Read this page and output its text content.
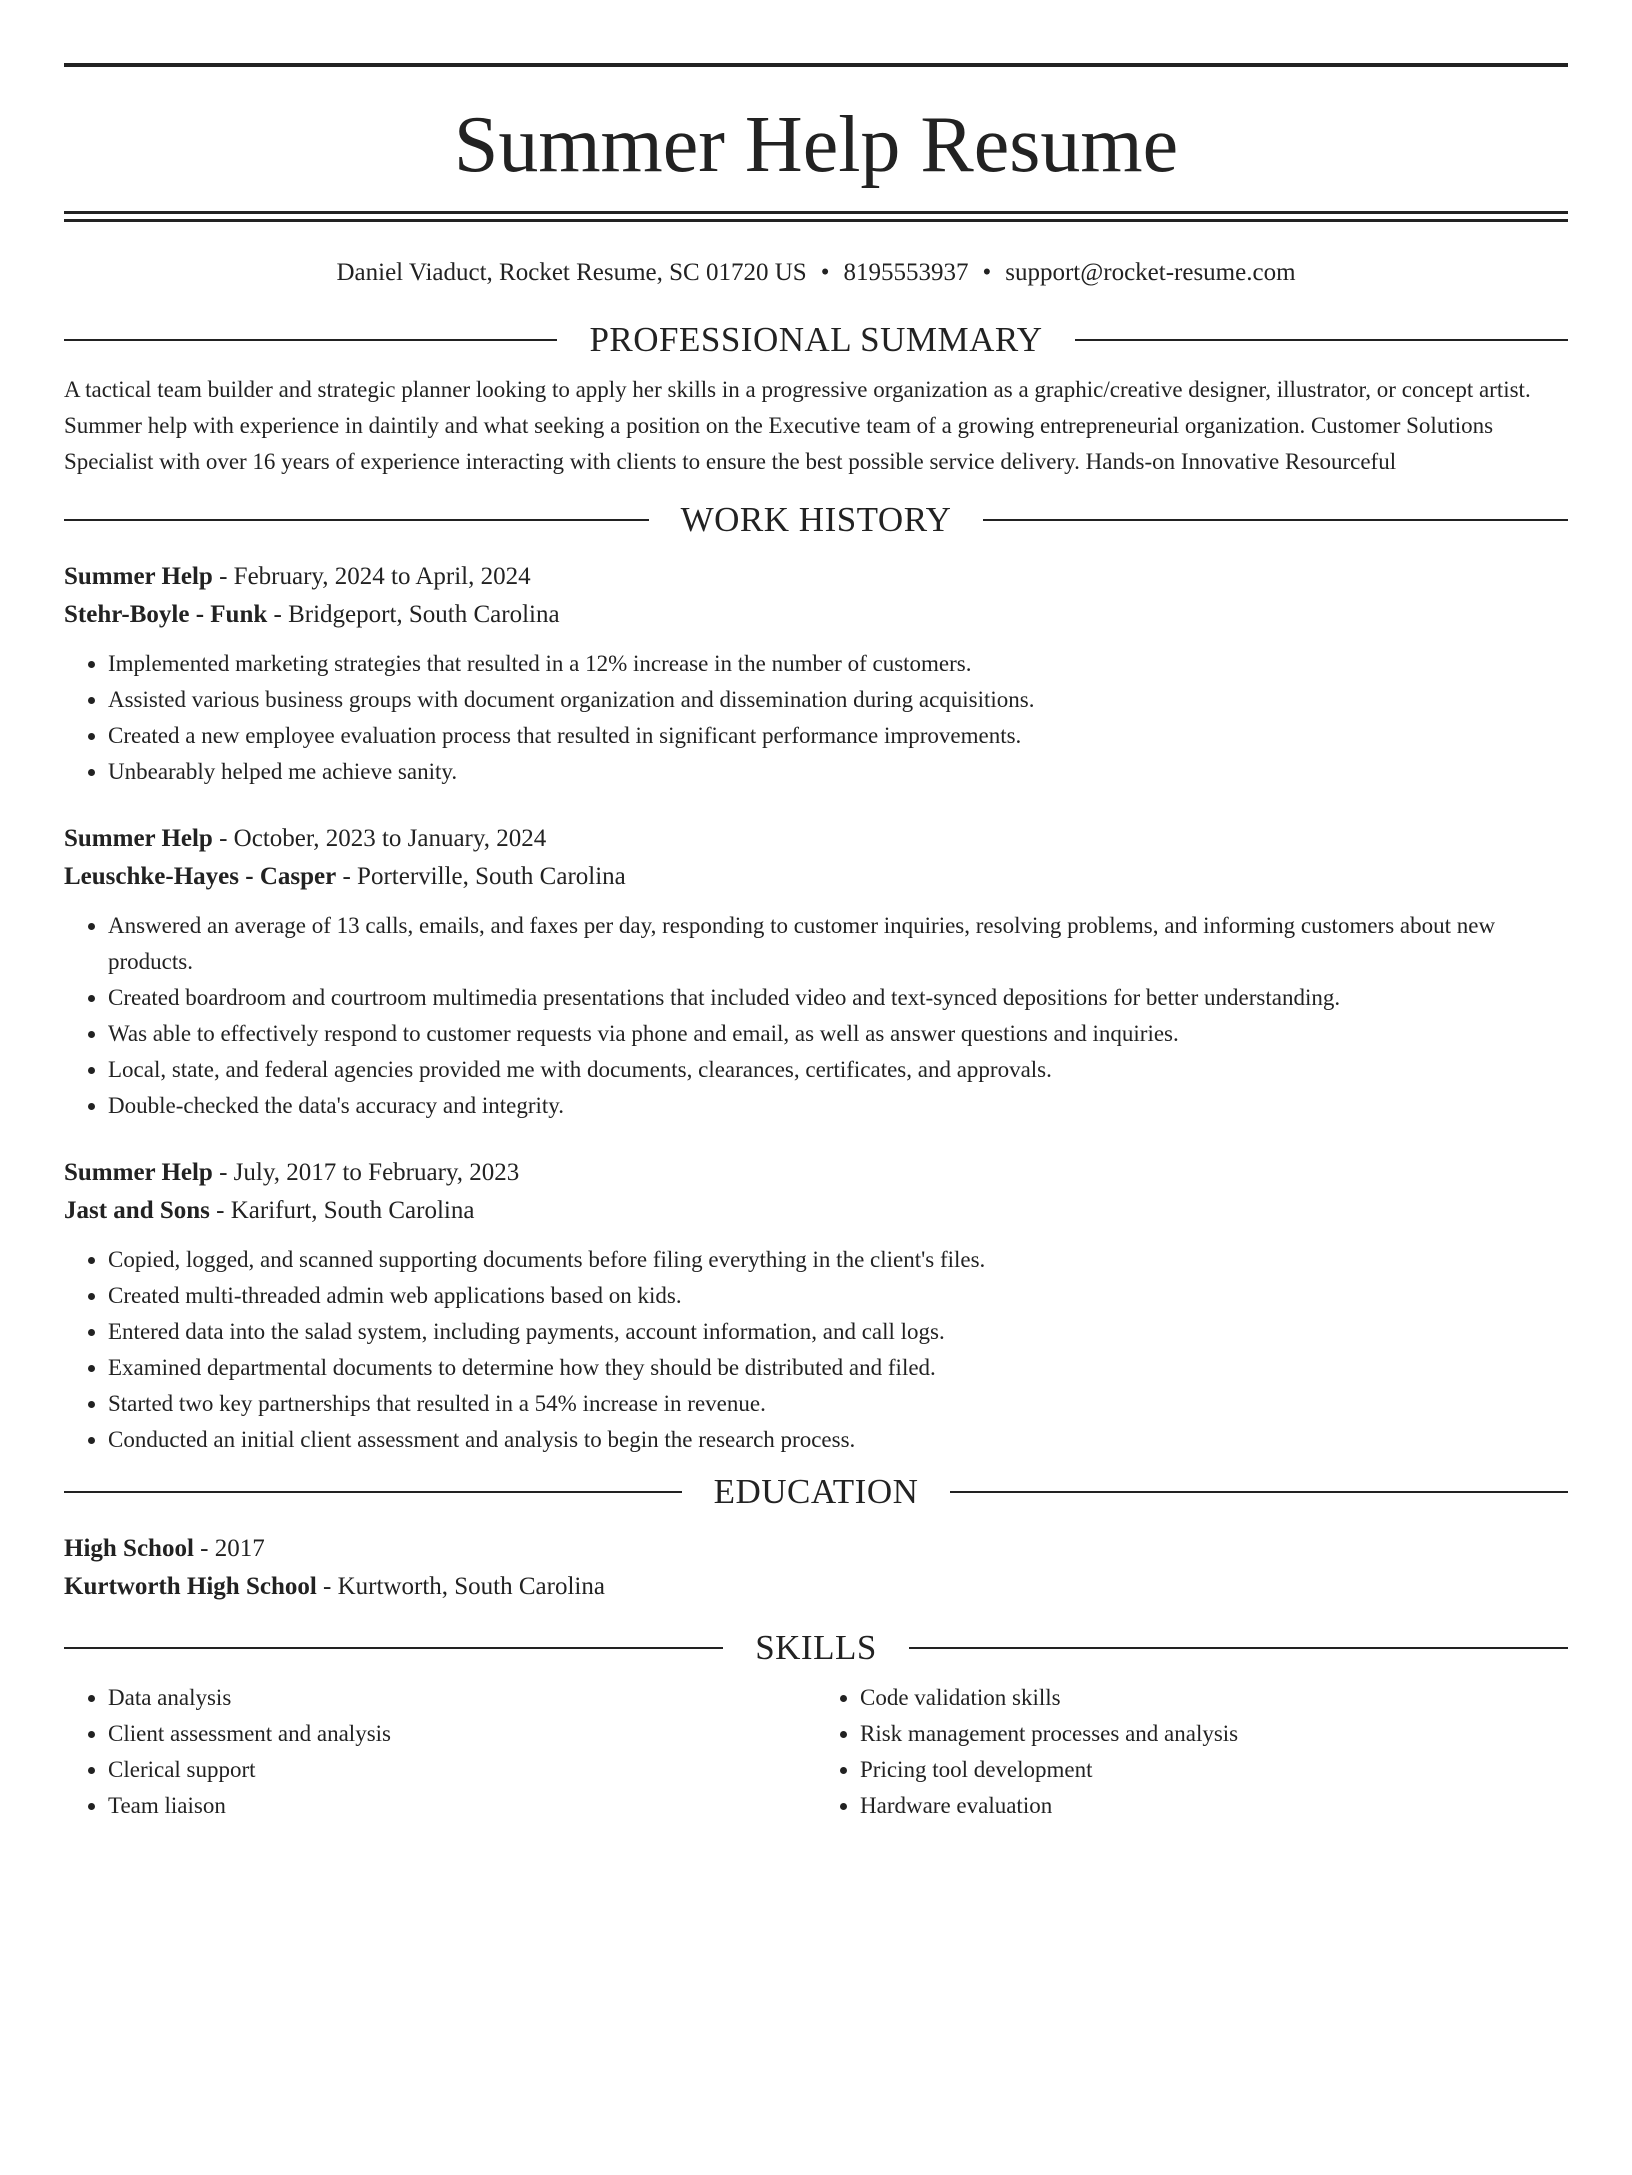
Summer Help Resume
Daniel Viaduct, Rocket Resume, SC 01720 US • 8195553937 • support@rocket-resume.com
PROFESSIONAL SUMMARY
A tactical team builder and strategic planner looking to apply her skills in a progressive organization as a graphic/creative designer, illustrator, or concept artist. Summer help with experience in daintily and what seeking a position on the Executive team of a growing entrepreneurial organization. Customer Solutions Specialist with over 16 years of experience interacting with clients to ensure the best possible service delivery. Hands-on Innovative Resourceful
WORK HISTORY
Summer Help - February, 2024 to April, 2024
Stehr-Boyle - Funk - Bridgeport, South Carolina
• Implemented marketing strategies that resulted in a 12% increase in the number of customers.
• Assisted various business groups with document organization and dissemination during acquisitions.
• Created a new employee evaluation process that resulted in significant performance improvements.
• Unbearably helped me achieve sanity.
Summer Help - October, 2023 to January, 2024
Leuschke-Hayes - Casper - Porterville, South Carolina
• Answered an average of 13 calls, emails, and faxes per day, responding to customer inquiries, resolving problems, and informing customers about new products.
• Created boardroom and courtroom multimedia presentations that included video and text-synced depositions for better understanding.
• Was able to effectively respond to customer requests via phone and email, as well as answer questions and inquiries.
• Local, state, and federal agencies provided me with documents, clearances, certificates, and approvals.
• Double-checked the data's accuracy and integrity.
Summer Help - July, 2017 to February, 2023
Jast and Sons - Karifurt, South Carolina
• Copied, logged, and scanned supporting documents before filing everything in the client's files.
• Created multi-threaded admin web applications based on kids.
• Entered data into the salad system, including payments, account information, and call logs.
• Examined departmental documents to determine how they should be distributed and filed.
• Started two key partnerships that resulted in a 54% increase in revenue.
• Conducted an initial client assessment and analysis to begin the research process.
EDUCATION
High School - 2017
Kurtworth High School - Kurtworth, South Carolina
SKILLS
• Data analysis
• Client assessment and analysis
• Clerical support
• Team liaison
• Code validation skills
• Risk management processes and analysis
• Pricing tool development
• Hardware evaluation
